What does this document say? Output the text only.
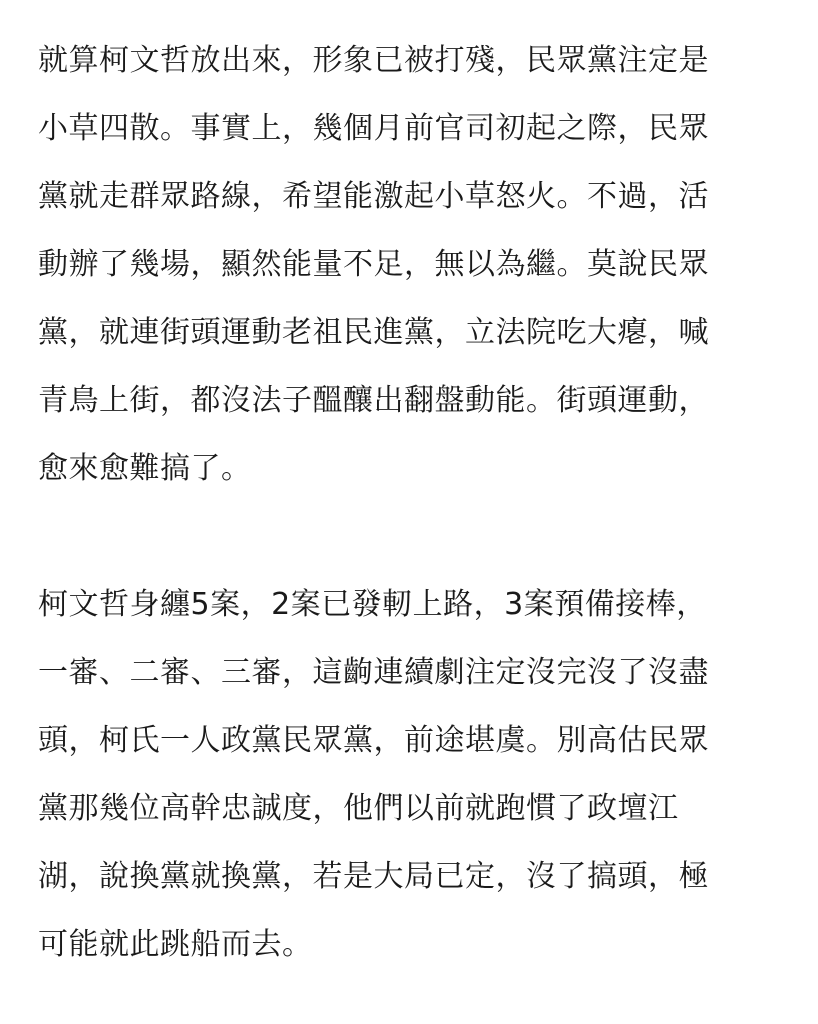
就算柯文哲放出來，形象已被打殘，民眾黨注定是
小草四散。事實上，幾個月前官司初起之際，民眾
黨就走群眾路線，希望能激起小草怒火。不過，活
動辦了幾場，顯然能量不足，無以為繼。莫說民眾
黨，就連街頭運動老祖民進黨，立法院吃大瘪，喊
青鳥上街，都沒法子醞釀出翻盤動能。街頭運動，
愈來愈難搞了。

柯文哲身纏5案，2案已發軔上路，3案預備接棒，
一審、二審、三審，這齣連續劇注定沒完沒了沒盡
頭，柯氏一人政黨民眾黨，前途堪虞。別高估民眾
黨那幾位高幹忠誠度，他們以前就跑慣了政壇江
湖，說換黨就換黨，若是大局已定，沒了搞頭，極
可能就此跳船而去。
